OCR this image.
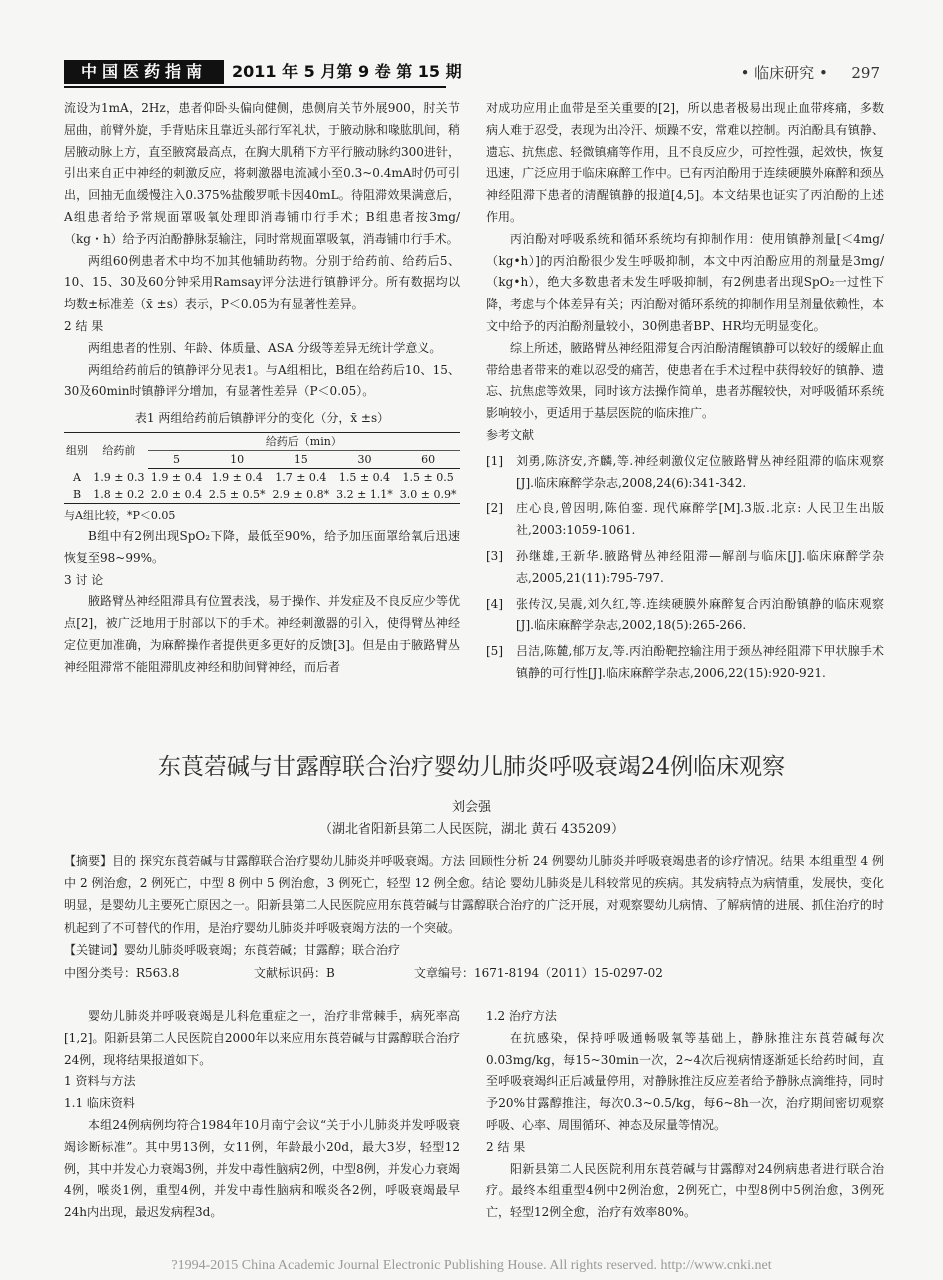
中国医药指南	2011 年 5 月第 9 卷 第 15 期	• 临床研究 • 297

流设为1mA，2Hz，患者仰卧头偏向健侧，患侧肩关节外展900，肘关节屈曲，前臂外旋，手背贴床且靠近头部行军礼状，于腋动脉和喙肱肌间，稍居腋动脉上方，直至腋窝最高点，在胸大肌稍下方平行腋动脉约300进针，引出来自正中神经的刺激反应，将刺激器电流减小至0.3~0.4mA时仍可引出，回抽无血缓慢注入0.375%盐酸罗哌卡因40mL。待阻滞效果满意后，A组患者给予常规面罩吸氧处理即消毒铺巾行手术；B组患者按3mg/（kg・h）给予丙泊酚静脉泵输注，同时常规面罩吸氧，消毒铺巾行手术。

两组60例患者术中均不加其他辅助药物。分别于给药前、给药后5、10、15、30及60分钟采用Ramsay评分法进行镇静评分。所有数据均以均数±标准差（x̄ ±s）表示，P＜0.05为有显著性差异。

2 结 果

两组患者的性别、年龄、体质量、ASA 分级等差异无统计学意义。

两组给药前后的镇静评分见表1。与A组相比，B组在给药后10、15、30及60min时镇静评分增加，有显著性差异（P＜0.05）。

表1 两组给药前后镇静评分的变化（分，x̄ ±s）
组别	给药前	给药后（min）				
		5	10	15	30	60
A	1.9 ± 0.3	1.9 ± 0.4	1.9 ± 0.4	1.7 ± 0.4	1.5 ± 0.4	1.5 ± 0.5
B	1.8 ± 0.2	2.0 ± 0.4	2.5 ± 0.5*	2.9 ± 0.8*	3.2 ± 1.1*	3.0 ± 0.9*
与A组比较，*P＜0.05

B组中有2例出现SpO₂下降，最低至90%，给予加压面罩给氧后迅速恢复至98~99%。

3 讨 论

腋路臂丛神经阻滞具有位置表浅，易于操作、并发症及不良反应少等优点[2]，被广泛地用于肘部以下的手术。神经刺激器的引入，使得臂丛神经定位更加准确，为麻醉操作者提供更多更好的反馈[3]。但是由于腋路臂丛神经阻滞常不能阻滞肌皮神经和肋间臂神经，而后者

对成功应用止血带是至关重要的[2]，所以患者极易出现止血带疼痛，多数病人难于忍受，表现为出冷汗、烦躁不安，常难以控制。丙泊酚具有镇静、遗忘、抗焦虑、轻微镇痛等作用，且不良反应少，可控性强，起效快，恢复迅速，广泛应用于临床麻醉工作中。已有丙泊酚用于连续硬膜外麻醉和颈丛神经阻滞下患者的清醒镇静的报道[4,5]。本文结果也证实了丙泊酚的上述作用。

丙泊酚对呼吸系统和循环系统均有抑制作用：使用镇静剂量[＜4mg/（kg•h）]的丙泊酚很少发生呼吸抑制，本文中丙泊酚应用的剂量是3mg/（kg•h），绝大多数患者未发生呼吸抑制，有2例患者出现SpO₂一过性下降，考虑与个体差异有关；丙泊酚对循环系统的抑制作用呈剂量依赖性，本文中给予的丙泊酚剂量较小，30例患者BP、HR均无明显变化。

综上所述，腋路臂丛神经阻滞复合丙泊酚清醒镇静可以较好的缓解止血带给患者带来的难以忍受的痛苦，使患者在手术过程中获得较好的镇静、遗忘、抗焦虑等效果，同时该方法操作简单，患者苏醒较快，对呼吸循环系统影响较小，更适用于基层医院的临床推广。

参考文献

[1] 刘勇,陈济安,齐麟,等.神经刺激仪定位腋路臂丛神经阻滞的临床观察[J].临床麻醉学杂志,2008,24(6):341-342.
[2] 庄心良,曾因明,陈伯銮. 现代麻醉学[M].3版.北京: 人民卫生出版社,2003:1059-1061.
[3] 孙继雄,王新华.腋路臂丛神经阻滞—解剖与临床[J].临床麻醉学杂志,2005,21(11):795-797.
[4] 张传汉,吴震,刘久红,等.连续硬膜外麻醉复合丙泊酚镇静的临床观察[J].临床麻醉学杂志,2002,18(5):265-266.
[5] 吕洁,陈麓,郁万友,等.丙泊酚靶控输注用于颈丛神经阻滞下甲状腺手术镇静的可行性[J].临床麻醉学杂志,2006,22(15):920-921.
东莨菪碱与甘露醇联合治疗婴幼儿肺炎呼吸衰竭24例临床观察
刘会强
（湖北省阳新县第二人民医院，湖北 黄石 435209）

【摘要】目的 探究东莨菪碱与甘露醇联合治疗婴幼儿肺炎并呼吸衰竭。方法 回顾性分析 24 例婴幼儿肺炎并呼吸衰竭患者的诊疗情况。结果 本组重型 4 例中 2 例治愈，2 例死亡，中型 8 例中 5 例治愈，3 例死亡，轻型 12 例全愈。结论 婴幼儿肺炎是儿科较常见的疾病。其发病特点为病情重，发展快，变化明显，是婴幼儿主要死亡原因之一。阳新县第二人民医院应用东莨菪碱与甘露醇联合治疗的广泛开展，对观察婴幼儿病情、了解病情的进展、抓住治疗的时机起到了不可替代的作用，是治疗婴幼儿肺炎并呼吸衰竭方法的一个突破。

【关键词】婴幼儿肺炎呼吸衰竭；东莨菪碱；甘露醇；联合治疗

中图分类号：R563.8	文献标识码：B	文章编号：1671-8194（2011）15-0297-02

婴幼儿肺炎并呼吸衰竭是儿科危重症之一，治疗非常棘手，病死率高[1,2]。阳新县第二人民医院自2000年以来应用东莨菪碱与甘露醇联合治疗24例，现将结果报道如下。

1 资料与方法

1.1 临床资料

本组24例病例均符合1984年10月南宁会议“关于小儿肺炎并发呼吸衰竭诊断标准”。其中男13例，女11例，年龄最小20d，最大3岁，轻型12例，其中并发心力衰竭3例，并发中毒性脑病2例，中型8例，并发心力衰竭4例，喉炎1例，重型4例，并发中毒性脑病和喉炎各2例，呼吸衰竭最早24h内出现，最迟发病程3d。

1.2 治疗方法

在抗感染，保持呼吸通畅吸氧等基础上，静脉推注东莨菪碱每次0.03mg/kg，每15~30min一次，2~4次后视病情逐渐延长给药时间，直至呼吸衰竭纠正后减量停用，对静脉推注反应差者给予静脉点滴维持，同时予20%甘露醇推注，每次0.3~0.5/kg，每6~8h一次，治疗期间密切观察呼吸、心率、周围循环、神态及尿量等情况。

2 结 果

阳新县第二人民医院利用东莨菪碱与甘露醇对24例病患者进行联合治疗。最终本组重型4例中2例治愈，2例死亡，中型8例中5例治愈，3例死亡，轻型12例全愈，治疗有效率80%。

?1994-2015 China Academic Journal Electronic Publishing House. All rights reserved. http://www.cnki.net
